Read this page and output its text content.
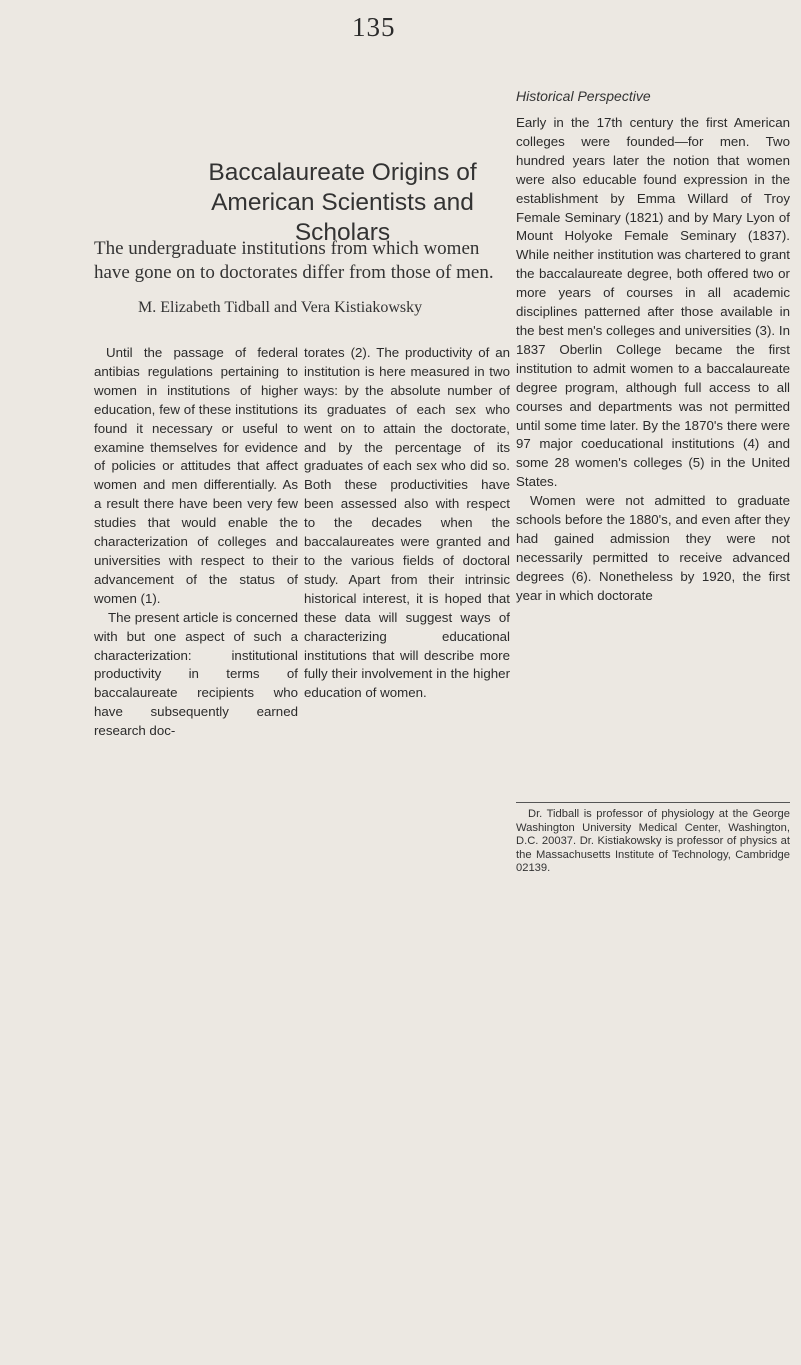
135
Baccalaureate Origins of American Scientists and Scholars

The undergraduate institutions from which women have gone on to doctorates differ from those of men.

M. Elizabeth Tidball and Vera Kistiakowsky

Until the passage of federal antibias regulations pertaining to women in institutions of higher education, few of these institutions found it necessary or useful to examine themselves for evidence of policies or attitudes that affect women and men differentially. As a result there have been very few studies that would enable the characterization of colleges and universities with respect to their advancement of the status of women (1).

The present article is concerned with but one aspect of such a characterization: institutional productivity in terms of baccalaureate recipients who have subsequently earned research doc-

torates (2). The productivity of an institution is here measured in two ways: by the absolute number of its graduates of each sex who went on to attain the doctorate, and by the percentage of its graduates of each sex who did so. Both these productivities have been assessed also with respect to the decades when the baccalaureates were granted and to the various fields of doctoral study. Apart from their intrinsic historical interest, it is hoped that these data will suggest ways of characterizing educational institutions that will describe more fully their involvement in the higher education of women.

Historical Perspective

Early in the 17th century the first American colleges were founded—for men. Two hundred years later the notion that women were also educable found expression in the establishment by Emma Willard of Troy Female Seminary (1821) and by Mary Lyon of Mount Holyoke Female Seminary (1837). While neither institution was chartered to grant the baccalaureate degree, both offered two or more years of courses in all academic disciplines patterned after those available in the best men's colleges and universities (3). In 1837 Oberlin College became the first institution to admit women to a baccalaureate degree program, although full access to all courses and departments was not permitted until some time later. By the 1870's there were 97 major coeducational institutions (4) and some 28 women's colleges (5) in the United States.

Women were not admitted to graduate schools before the 1880's, and even after they had gained admission they were not necessarily permitted to receive advanced degrees (6). Nonetheless by 1920, the first year in which doctorate

Dr. Tidball is professor of physiology at the George Washington University Medical Center, Washington, D.C. 20037. Dr. Kistiakowsky is professor of physics at the Massachusetts Institute of Technology, Cambridge 02139.
